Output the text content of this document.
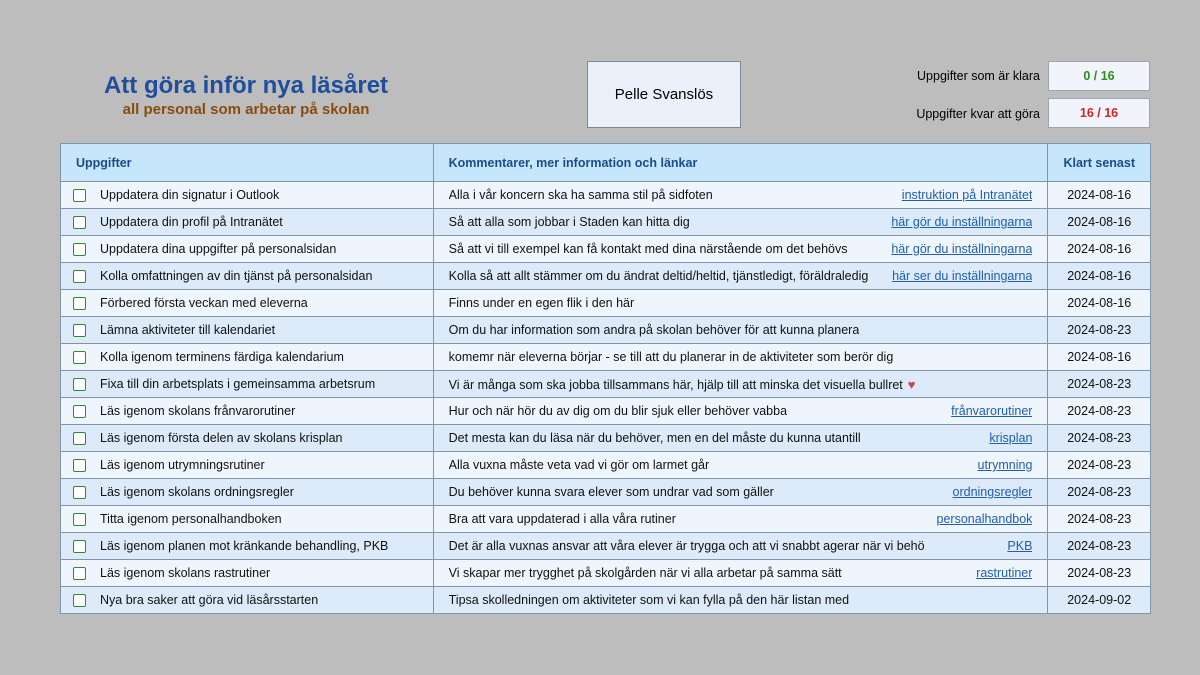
Att göra inför nya läsåret
all personal som arbetar på skolan
Pelle Svanslös
Uppgifter som är klara	0 / 16
Uppgifter kvar att göra	16 / 16
Uppgifter	Kommentarer, mer information och länkar	Klart senast

Uppdatera din signatur i Outlook	Alla i vår koncern ska ha samma stil på sidfoten instruktion på Intranätet	2024-08-16

Uppdatera din profil på Intranätet	Så att alla som jobbar i Staden kan hitta dig här gör du inställningarna	2024-08-16

Uppdatera dina uppgifter på personalsidan	Så att vi till exempel kan få kontakt med dina närstående om det behövs här gör du inställningarna	2024-08-16

Kolla omfattningen av din tjänst på personalsidan	Kolla så att allt stämmer om du ändrat deltid/heltid, tjänstledigt, föräldraledig här ser du inställningarna	2024-08-16

Förbered första veckan med eleverna	Finns under en egen flik i den här	2024-08-16

Lämna aktiviteter till kalendariet	Om du har information som andra på skolan behöver för att kunna planera	2024-08-23

Kolla igenom terminens färdiga kalendarium	komemr när eleverna börjar - se till att du planerar in de aktiviteter som berör dig	2024-08-16

Fixa till din arbetsplats i gemeinsamma arbetsrum	Vi är många som ska jobba tillsammans här, hjälp till att minska det visuella bullret ♥	2024-08-23

Läs igenom skolans frånvarorutiner	Hur och när hör du av dig om du blir sjuk eller behöver vabba frånvarorutiner	2024-08-23

Läs igenom första delen av skolans krisplan	Det mesta kan du läsa när du behöver, men en del måste du kunna utantill krisplan	2024-08-23

Läs igenom utrymningsrutiner	Alla vuxna måste veta vad vi gör om larmet går utrymning	2024-08-23

Läs igenom skolans ordningsregler	Du behöver kunna svara elever som undrar vad som gäller ordningsregler	2024-08-23

Titta igenom personalhandboken	Bra att vara uppdaterad i alla våra rutiner personalhandbok	2024-08-23

Läs igenom planen mot kränkande behandling, PKB	Det är alla vuxnas ansvar att våra elever är trygga och att vi snabbt agerar när vi behö PKB	2024-08-23

Läs igenom skolans rastrutiner	Vi skapar mer trygghet på skolgården när vi alla arbetar på samma sätt rastrutiner	2024-08-23

Nya bra saker att göra vid läsårsstarten	Tipsa skolledningen om aktiviteter som vi kan fylla på den här listan med	2024-09-02
